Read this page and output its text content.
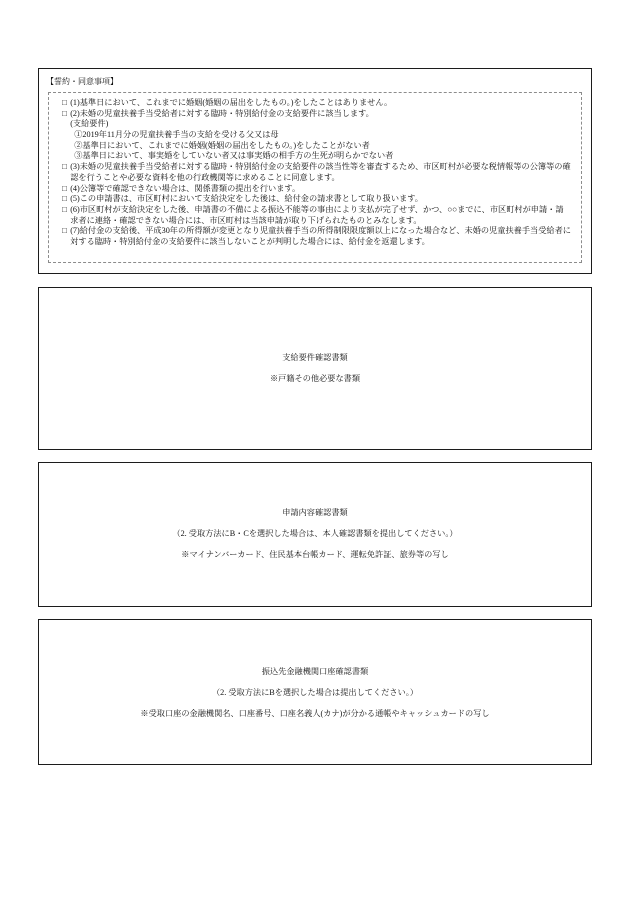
【誓約・同意事項】
□ (1)基準日において、これまでに婚姻(婚姻の届出をしたもの。)をしたことはありません。
□ (2)未婚の児童扶養手当受給者に対する臨時・特別給付金の支給要件に該当します。
(支給要件)
①2019年11月分の児童扶養手当の支給を受ける父又は母
②基準日において、これまでに婚姻(婚姻の届出をしたもの。)をしたことがない者
③基準日において、事実婚をしていない者又は事実婚の相手方の生死が明らかでない者
□ (3)未婚の児童扶養手当受給者に対する臨時・特別給付金の支給要件の該当性等を審査するため、市区町村が必要な税情報等の公簿等の確
認を行うことや必要な資料を他の行政機関等に求めることに同意します。
□ (4)公簿等で確認できない場合は、関係書類の提出を行います。
□ (5)この申請書は、市区町村において支給決定をした後は、給付金の請求書として取り扱います。
□ (6)市区町村が支給決定をした後、申請書の不備による振込不能等の事由により支払が完了せず、かつ、○○までに、市区町村が申請・請
求者に連絡・確認できない場合には、市区町村は当該申請が取り下げられたものとみなします。
□ (7)給付金の支給後、平成30年の所得額が変更となり児童扶養手当の所得制限限度額以上になった場合など、未婚の児童扶養手当受給者に
対する臨時・特別給付金の支給要件に該当しないことが判明した場合には、給付金を返還します。
支給要件確認書類
※戸籍その他必要な書類
申請内容確認書類
（2. 受取方法にB・Cを選択した場合は、本人確認書類を提出してください。）
※マイナンバーカード、住民基本台帳カード、運転免許証、旅券等の写し
振込先金融機関口座確認書類
（2. 受取方法にBを選択した場合は提出してください。）
※受取口座の金融機関名、口座番号、口座名義人(カナ)が分かる通帳やキャッシュカードの写し
